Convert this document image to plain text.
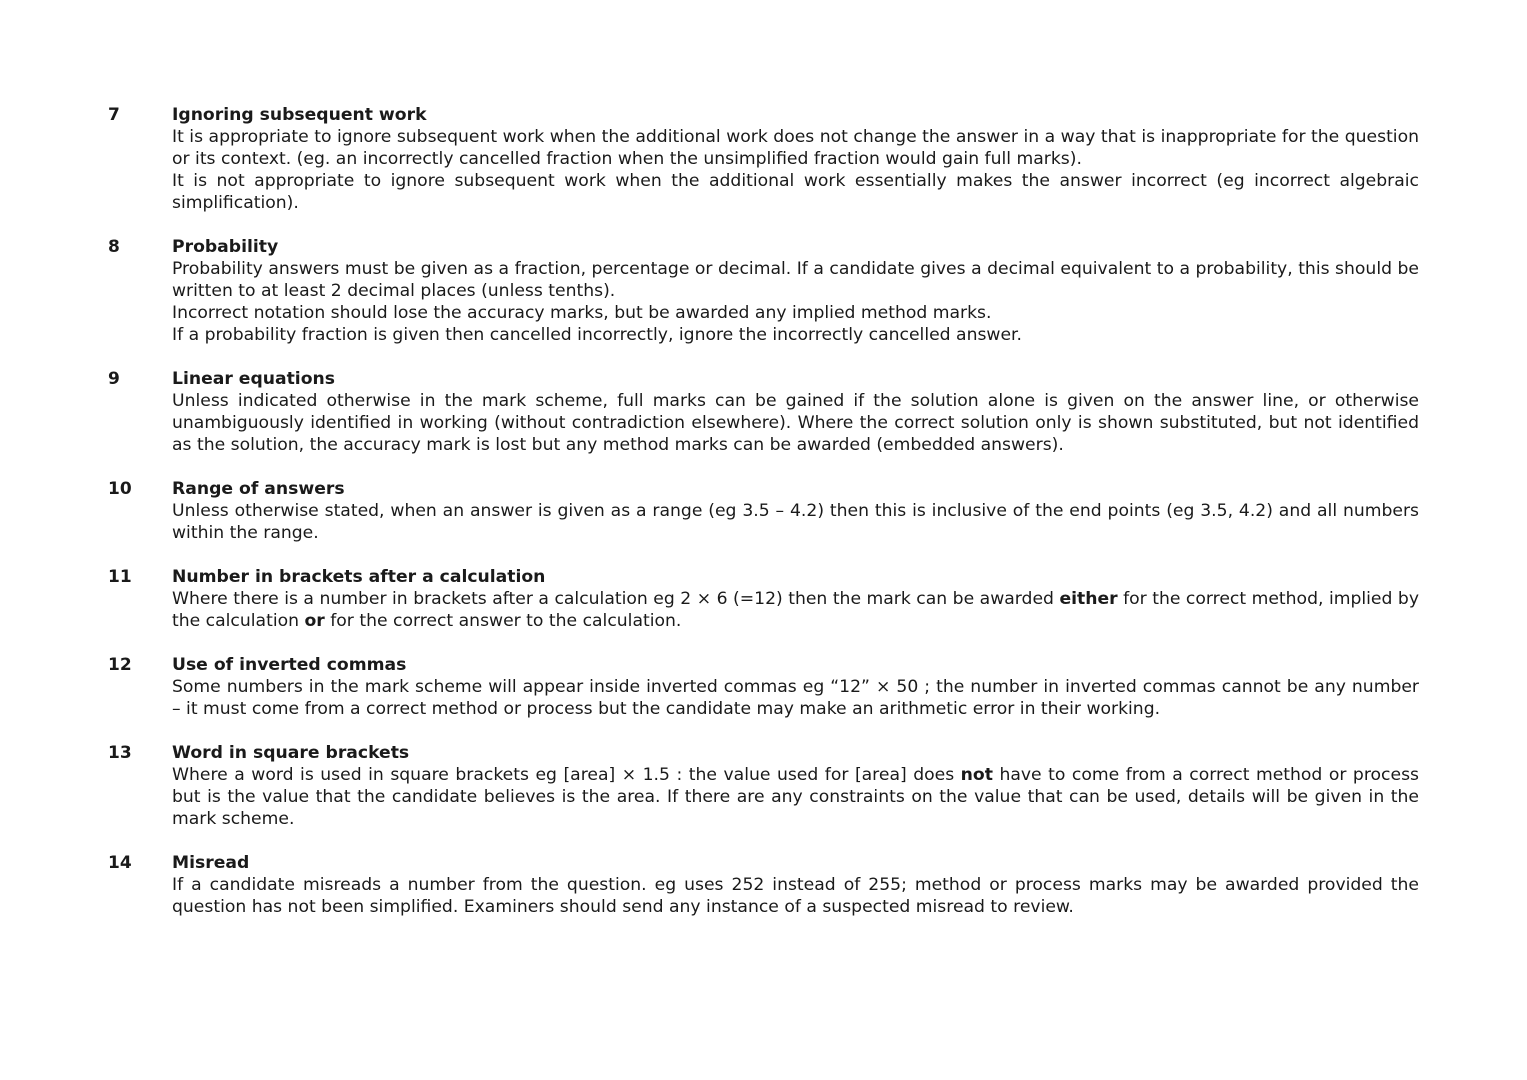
7	Ignoring subsequent work
It is appropriate to ignore subsequent work when the additional work does not change the answer in a way that is inappropriate for the question or its context. (eg. an incorrectly cancelled fraction when the unsimplified fraction would gain full marks).
It is not appropriate to ignore subsequent work when the additional work essentially makes the answer incorrect (eg incorrect algebraic simplification).
8	Probability
Probability answers must be given as a fraction, percentage or decimal. If a candidate gives a decimal equivalent to a probability, this should be written to at least 2 decimal places (unless tenths).
Incorrect notation should lose the accuracy marks, but be awarded any implied method marks.
If a probability fraction is given then cancelled incorrectly, ignore the incorrectly cancelled answer.
9	Linear equations
Unless indicated otherwise in the mark scheme, full marks can be gained if the solution alone is given on the answer line, or otherwise unambiguously identified in working (without contradiction elsewhere). Where the correct solution only is shown substituted, but not identified as the solution, the accuracy mark is lost but any method marks can be awarded (embedded answers).
10	Range of answers
Unless otherwise stated, when an answer is given as a range (eg 3.5 – 4.2) then this is inclusive of the end points (eg 3.5, 4.2) and all numbers within the range.
11	Number in brackets after a calculation
Where there is a number in brackets after a calculation eg 2 × 6 (=12) then the mark can be awarded either for the correct method, implied by the calculation or for the correct answer to the calculation.
12	Use of inverted commas
Some numbers in the mark scheme will appear inside inverted commas eg “12” × 50 ; the number in inverted commas cannot be any number – it must come from a correct method or process but the candidate may make an arithmetic error in their working.
13	Word in square brackets
Where a word is used in square brackets eg [area] × 1.5 : the value used for [area] does not have to come from a correct method or process but is the value that the candidate believes is the area. If there are any constraints on the value that can be used, details will be given in the mark scheme.
14	Misread
If a candidate misreads a number from the question. eg uses 252 instead of 255; method or process marks may be awarded provided the question has not been simplified. Examiners should send any instance of a suspected misread to review.
